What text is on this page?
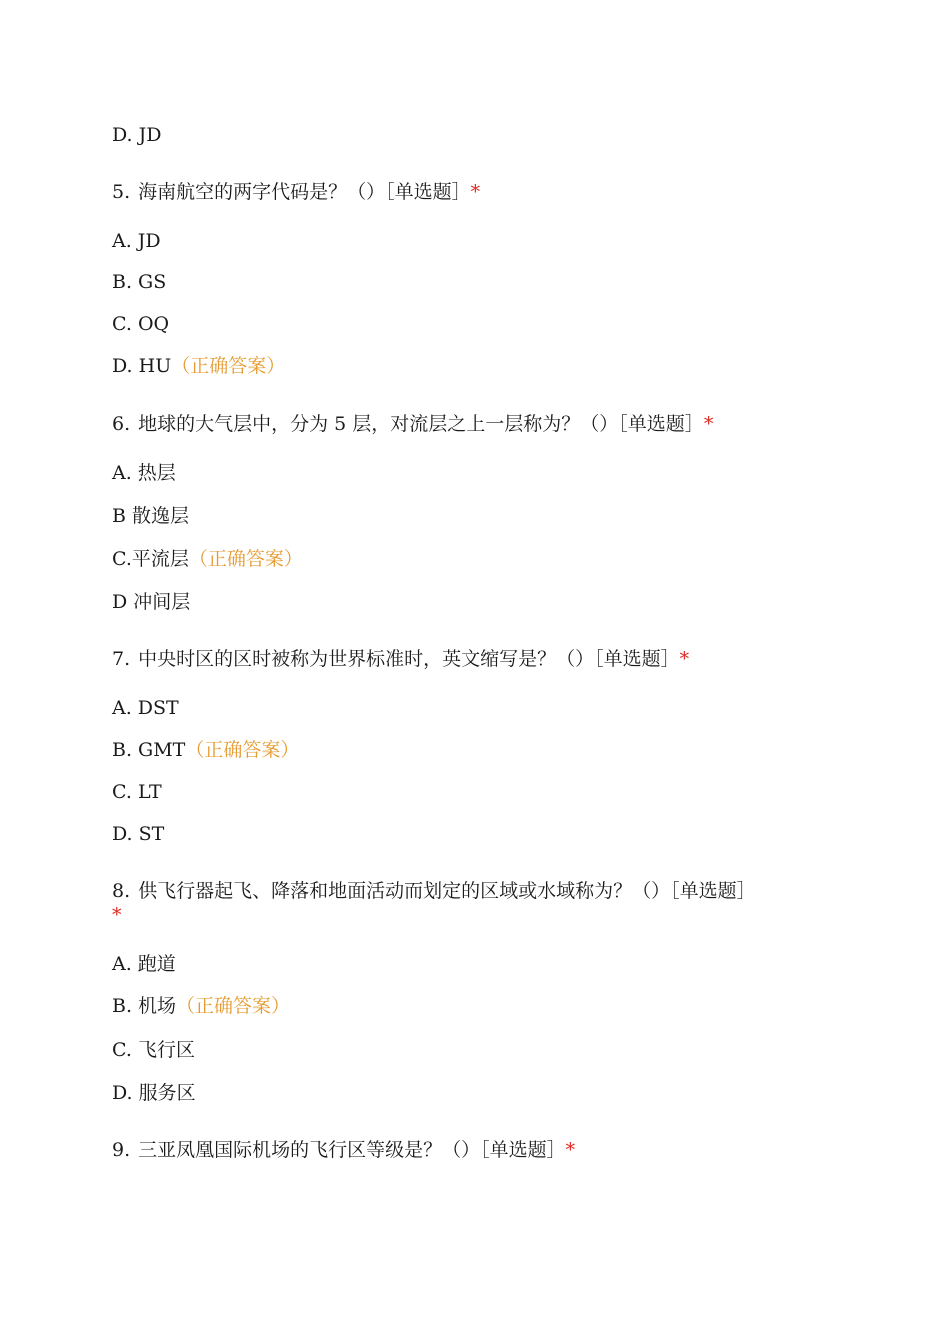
D. JD
5. 海南航空的两字代码是？（）［单选题］*
A. JD
B. GS
C. OQ
D. HU（正确答案）
6. 地球的大气层中，分为 5 层，对流层之上一层称为？（）［单选题］*
A. 热层
B 散逸层
C.平流层（正确答案）
D 冲间层
7. 中央时区的区时被称为世界标准时，英文缩写是？（）［单选题］*
A. DST
B. GMT（正确答案）
C. LT
D. ST
8. 供飞行器起飞、降落和地面活动而划定的区域或水域称为？（）［单选题］
*
A. 跑道
B. 机场（正确答案）
C. 飞行区
D. 服务区
9. 三亚凤凰国际机场的飞行区等级是？（）［单选题］*
